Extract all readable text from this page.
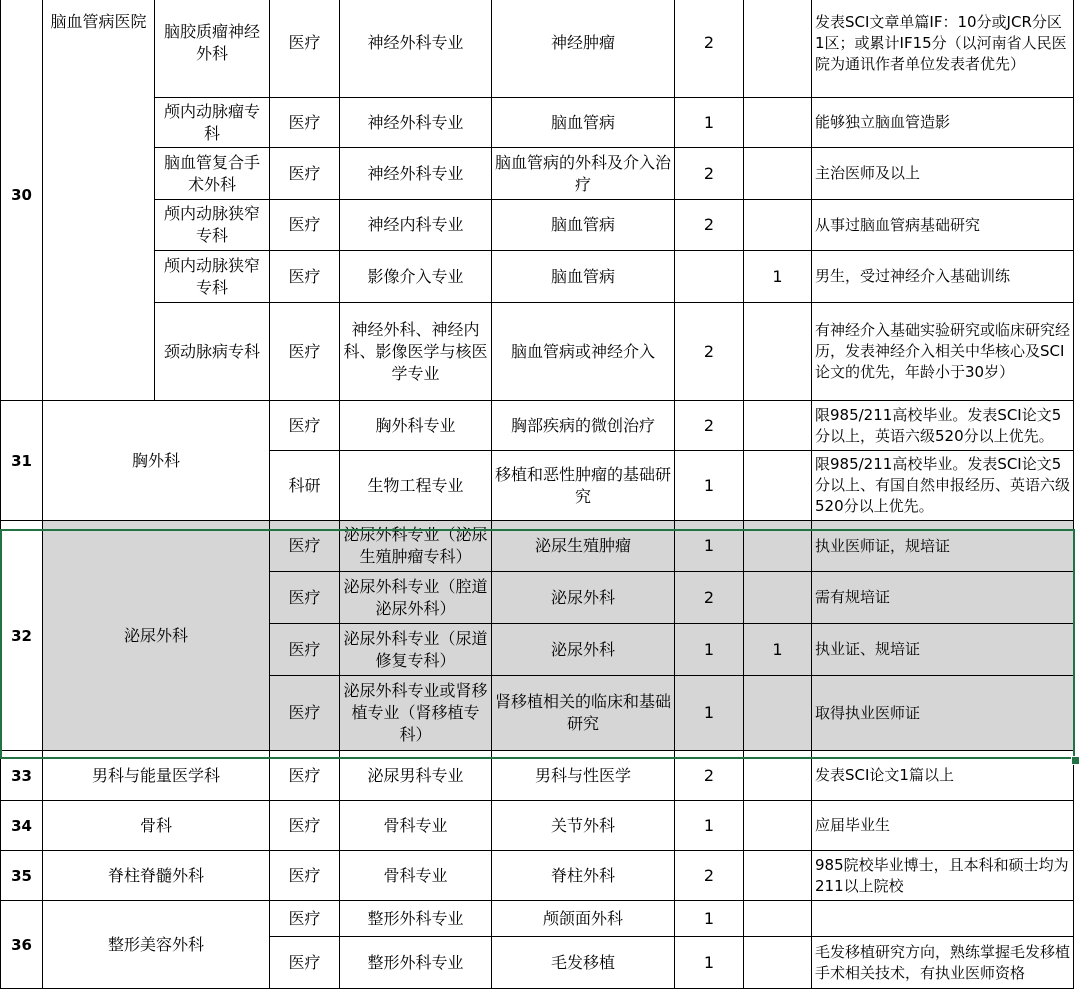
30	脑血管病医院	脑胶质瘤神经外科	医疗	神经外科专业	神经肿瘤	2		发表SCI文章单篇IF：10分或JCR分区1区；或累计IF15分（以河南省人民医院为通讯作者单位发表者优先）
		颅内动脉瘤专科	医疗	神经外科专业	脑血管病	1		能够独立脑血管造影
		脑血管复合手术外科	医疗	神经外科专业	脑血管病的外科及介入治疗	2		主治医师及以上
		颅内动脉狭窄专科	医疗	神经内科专业	脑血管病	2		从事过脑血管病基础研究
		颅内动脉狭窄专科	医疗	影像介入专业	脑血管病		1	男生，受过神经介入基础训练
		颈动脉病专科	医疗	神经外科、神经内科、影像医学与核医学专业	脑血管病或神经介入	2		有神经介入基础实验研究或临床研究经历，发表神经介入相关中华核心及SCI论文的优先，年龄小于30岁）
31	胸外科		医疗	胸外科专业	胸部疾病的微创治疗	2		限985/211高校毕业。发表SCI论文5分以上，英语六级520分以上优先。
			科研	生物工程专业	移植和恶性肿瘤的基础研究	1		限985/211高校毕业。发表SCI论文5分以上、有国自然申报经历、英语六级520分以上优先。
32	泌尿外科		医疗	泌尿外科专业（泌尿生殖肿瘤专科）	泌尿生殖肿瘤	1		执业医师证，规培证
			医疗	泌尿外科专业（腔道泌尿外科）	泌尿外科	2		需有规培证
			医疗	泌尿外科专业（尿道修复专科）	泌尿外科	1	1	执业证、规培证
			医疗	泌尿外科专业或肾移植专业（肾移植专科）	肾移植相关的临床和基础研究	1		取得执业医师证
33	男科与能量医学科		医疗	泌尿男科专业	男科与性医学	2		发表SCI论文1篇以上
34	骨科		医疗	骨科专业	关节外科	1		应届毕业生
35	脊柱脊髓外科		医疗	骨科专业	脊柱外科	2		985院校毕业博士，且本科和硕士均为211以上院校
36	整形美容外科		医疗	整形外科专业	颅颌面外科	1		
			医疗	整形外科专业	毛发移植	1		毛发移植研究方向，熟练掌握毛发移植手术相关技术，有执业医师资格
